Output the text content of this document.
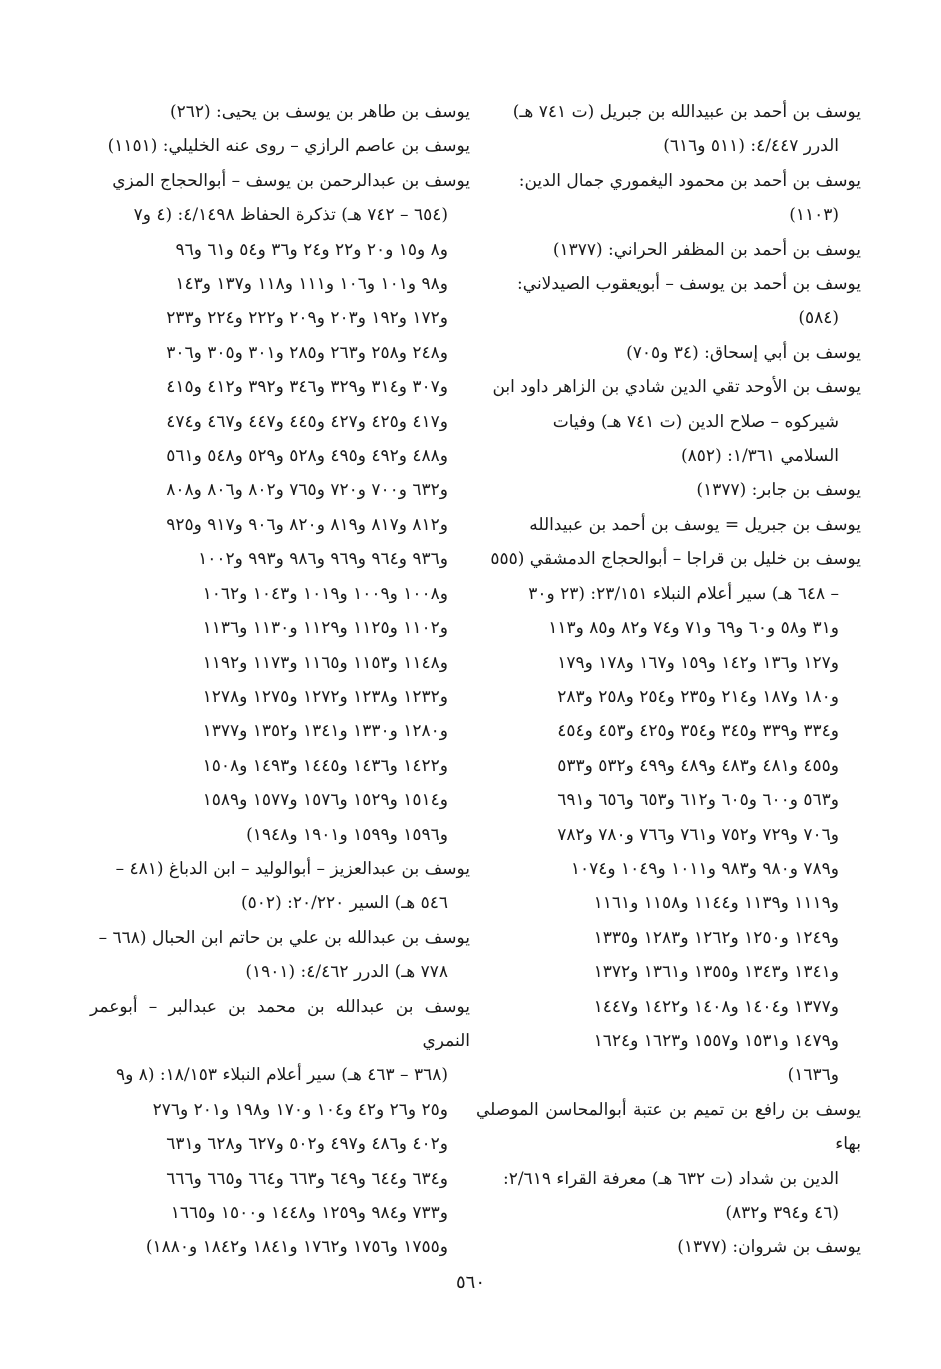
يوسف بن أحمد بن عبيدالله بن جبريل (ت ٧٤١ هـ)
الدرر ٤/٤٤٧: (٥١١ و٦١٦)
يوسف بن أحمد بن محمود اليغموري جمال الدين:
(١١٠٣)
يوسف بن أحمد بن المظفر الحراني: (١٣٧٧)
يوسف بن أحمد بن يوسف – أبويعقوب الصيدلاني:
(٥٨٤)
يوسف بن أبي إسحاق: (٣٤ و٧٠٥)
يوسف بن الأوحد تقي الدين شادي بن الزاهر داود ابن
شيركوه – صلاح الدين (ت ٧٤١ هـ) وفيات
السلامي ١/٣٦١: (٨٥٢)
يوسف بن جابر: (١٣٧٧)
يوسف بن جبريل = يوسف بن أحمد بن عبيدالله
يوسف بن خليل بن قراجا – أبوالحجاج الدمشقي (٥٥٥
– ٦٤٨ هـ) سير أعلام النبلاء ٢٣/١٥١: (٢٣ و٣٠
و٣١ و٥٨ و٦٠ و٦٩ و٧١ و٧٤ و٨٢ و٨٥ و١١٣
و١٢٧ و١٣٦ و١٤٢ و١٥٩ و١٦٧ و١٧٨ و١٧٩
و١٨٠ و١٨٧ و٢١٤ و٢٣٥ و٢٥٤ و٢٥٨ و٢٨٣
و٣٣٤ و٣٣٩ و٣٤٥ و٣٥٤ و٤٢٥ و٤٥٣ و٤٥٤
و٤٥٥ و٤٨١ و٤٨٣ و٤٨٩ و٤٩٩ و٥٣٢ و٥٣٣
و٥٦٣ و٦٠٠ و٦٠٥ و٦١٢ و٦٥٣ و٦٥٦ و٦٩١
و٧٠٦ و٧٢٩ و٧٥٢ و٧٦١ و٧٦٦ و٧٨٠ و٧٨٢
و٧٨٩ و٩٨٠ و٩٨٣ و١٠١١ و١٠٤٩ و١٠٧٤
و١١١٩ و١١٣٩ و١١٤٤ و١١٥٨ و١١٦١
و١٢٤٩ و١٢٥٠ و١٢٦٢ و١٢٨٣ و١٣٣٥
و١٣٤١ و١٣٤٣ و١٣٥٥ و١٣٦١ و١٣٧٢
و١٣٧٧ و١٤٠٤ و١٤٠٨ و١٤٢٢ و١٤٤٧
و١٤٧٩ و١٥٣١ و١٥٥٧ و١٦٢٣ و١٦٢٤
و١٦٣٦)
يوسف بن رافع بن تميم بن عتبة أبوالمحاسن الموصلي بهاء
الدين بن شداد (ت ٦٣٢ هـ) معرفة القراء ٢/٦١٩:
(٤٦ و٣٩٤ و٨٣٢)
يوسف بن شروان: (١٣٧٧)
يوسف بن طاهر بن يوسف بن يحيى: (٢٦٢)
يوسف بن عاصم الرازي – روى عنه الخليلي: (١١٥١)
يوسف بن عبدالرحمن بن يوسف – أبوالحجاج المزي
(٦٥٤ – ٧٤٢ هـ) تذكرة الحفاظ ٤/١٤٩٨: (٤ و٧
و٨ و١٥ و٢٠ و٢٢ و٢٤ و٣٦ و٥٤ و٦١ و٩٦
و٩٨ و١٠١ و١٠٦ و١١١ و١١٨ و١٣٧ و١٤٣
و١٧٢ و١٩٢ و٢٠٣ و٢٠٩ و٢٢٢ و٢٢٤ و٢٣٣
و٢٤٨ و٢٥٨ و٢٦٣ و٢٨٥ و٣٠١ و٣٠٥ و٣٠٦
و٣٠٧ و٣١٤ و٣٢٩ و٣٤٦ و٣٩٢ و٤١٢ و٤١٥
و٤١٧ و٤٢٥ و٤٢٧ و٤٤٥ و٤٤٧ و٤٦٧ و٤٧٤
و٤٨٨ و٤٩٢ و٤٩٥ و٥٢٨ و٥٢٩ و٥٤٨ و٥٦١
و٦٣٢ و٧٠٠ و٧٢٠ و٧٦٥ و٨٠٢ و٨٠٦ و٨٠٨
و٨١٢ و٨١٧ و٨١٩ و٨٢٠ و٩٠٦ و٩١٧ و٩٢٥
و٩٣٦ و٩٦٤ و٩٦٩ و٩٨٦ و٩٩٣ و١٠٠٢
و١٠٠٨ و١٠٠٩ و١٠١٩ و١٠٤٣ و١٠٦٢
و١١٠٢ و١١٢٥ و١١٢٩ و١١٣٠ و١١٣٦
و١١٤٨ و١١٥٣ و١١٦٥ و١١٧٣ و١١٩٢
و١٢٣٢ و١٢٣٨ و١٢٧٢ و١٢٧٥ و١٢٧٨
و١٢٨٠ و١٣٣٠ و١٣٤١ و١٣٥٢ و١٣٧٧
و١٤٢٢ و١٤٣٦ و١٤٤٥ و١٤٩٣ و١٥٠٨
و١٥١٤ و١٥٢٩ و١٥٧٦ و١٥٧٧ و١٥٨٩
و١٥٩٦ و١٥٩٩ و١٩٠١ و١٩٤٨)
يوسف بن عبدالعزيز – أبوالوليد – ابن الدباغ (٤٨١ –
٥٤٦ هـ) السير ٢٠/٢٢٠: (٥٠٢)
يوسف بن عبدالله بن علي بن حاتم ابن الحبال (٦٦٨ –
٧٧٨ هـ) الدرر ٤/٤٦٢: (١٩٠١)
يوسف بن عبدالله بن محمد بن عبدالبر – أبوعمر النمري
(٣٦٨ – ٤٦٣ هـ) سير أعلام النبلاء ١٨/١٥٣: (٨ و٩
و٢٥ و٢٦ و٤٢ و١٠٤ و١٧٠ و١٩٨ و٢٠١ و٢٧٦
و٤٠٢ و٤٨٦ و٤٩٧ و٥٠٢ و٦٢٧ و٦٢٨ و٦٣١
و٦٣٤ و٦٤٤ و٦٤٩ و٦٦٣ و٦٦٤ و٦٦٥ و٦٦٦
و٧٣٣ و٩٨٤ و١٢٥٩ و١٤٤٨ و١٥٠٠ و١٦٦٥
و١٧٥٥ و١٧٥٦ و١٧٦٢ و١٨٤١ و١٨٤٢ و١٨٨٠)
٥٦٠
